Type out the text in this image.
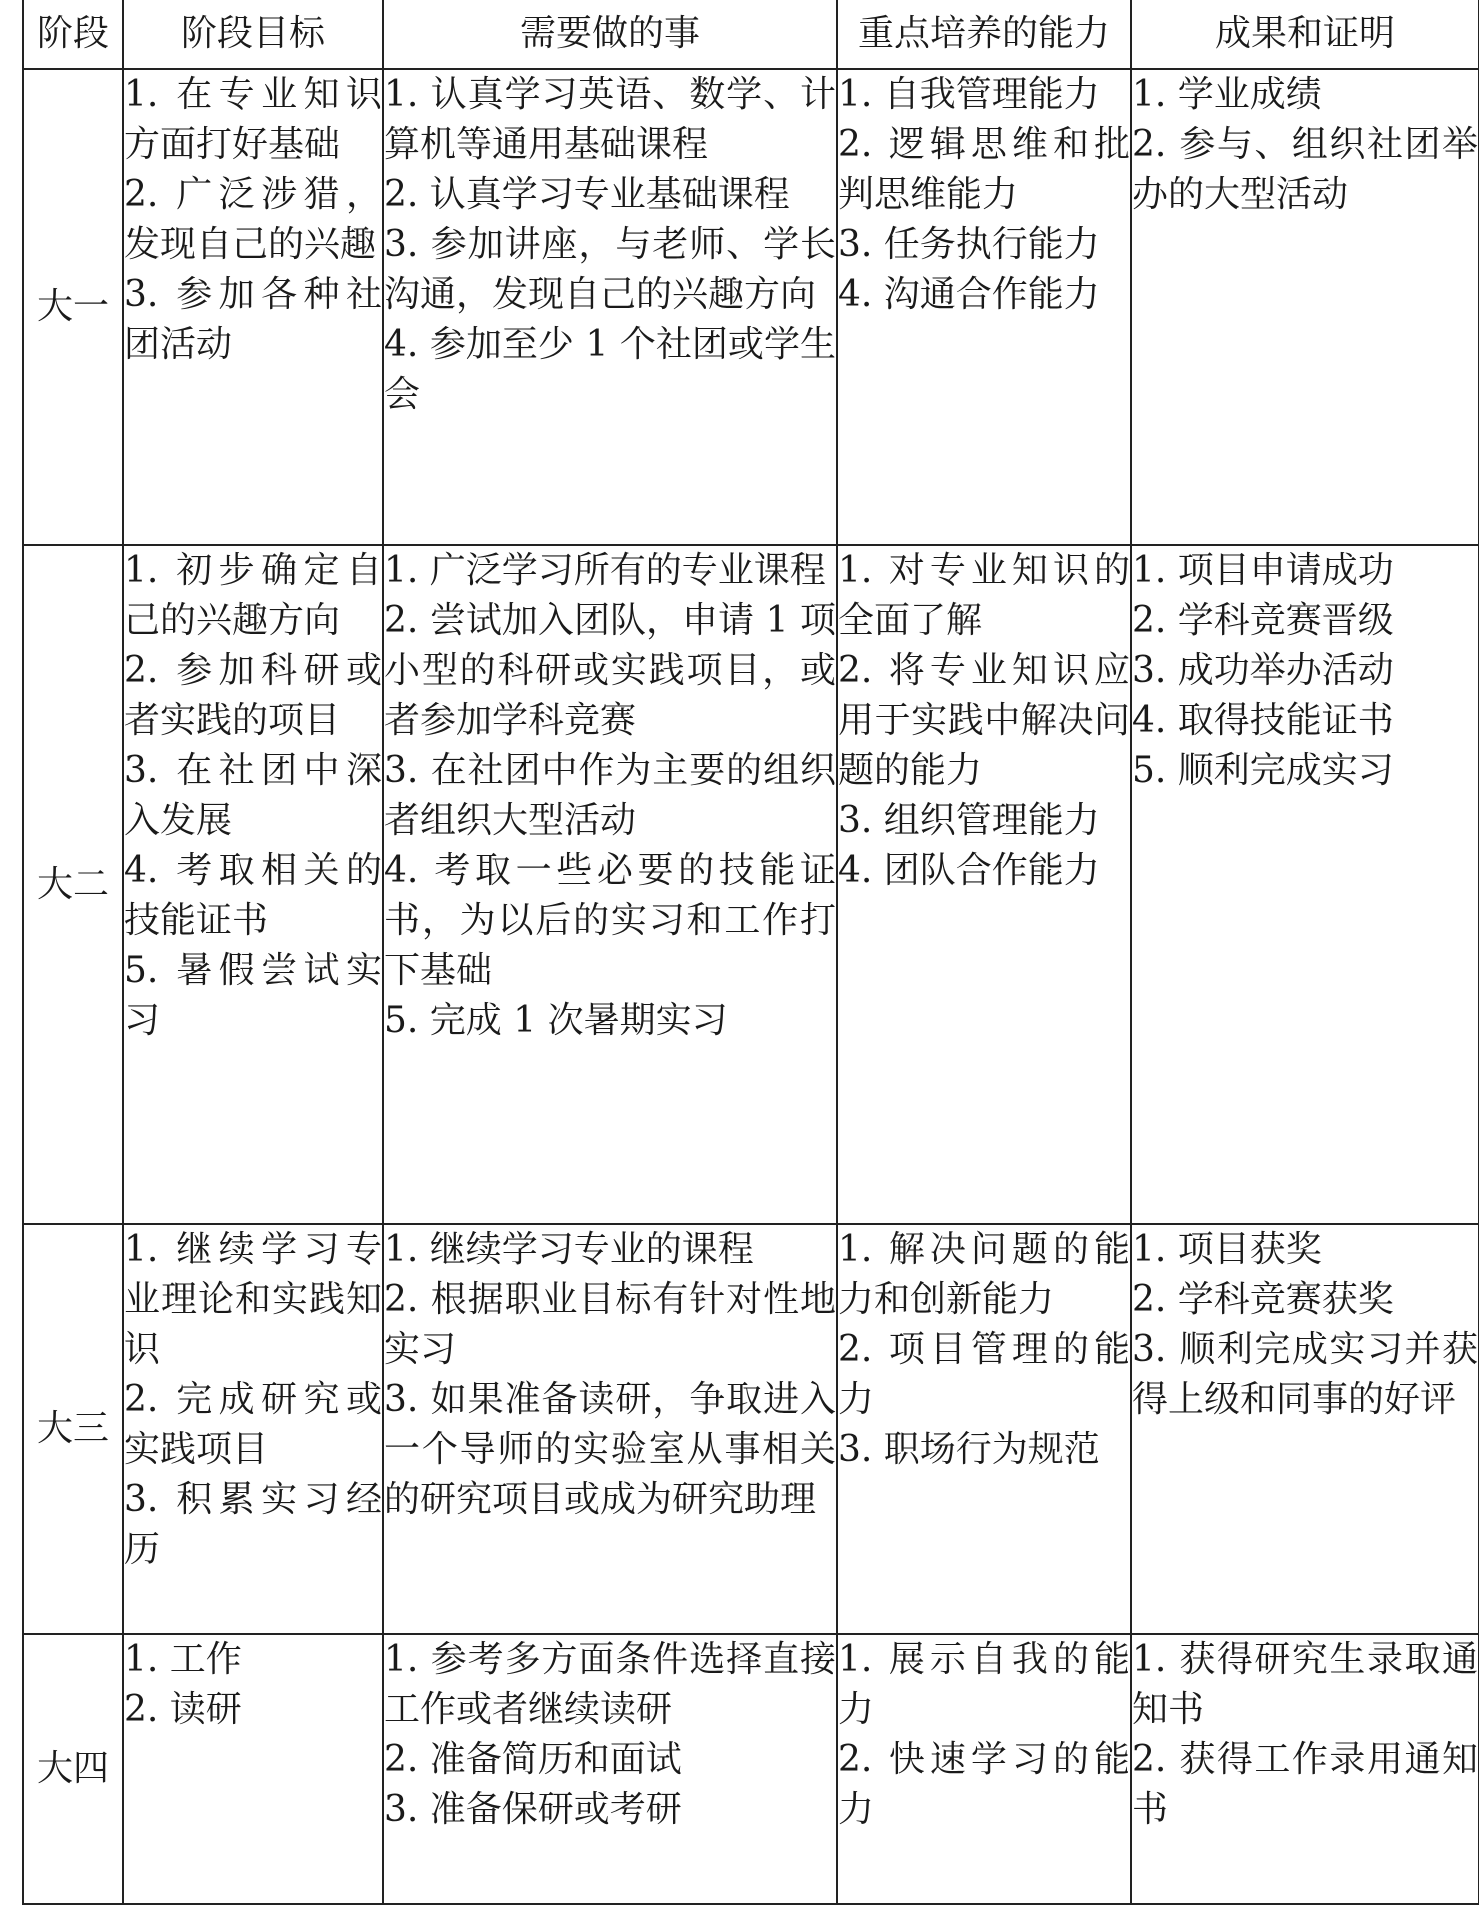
阶段	阶段目标	需要做的事	重点培养的能力	成果和证明
大一	1. 在专业知识方面打好基础
2. 广泛涉猎，发现自己的兴趣
3. 参加各种社团活动	1. 认真学习英语、数学、计算机等通用基础课程
2. 认真学习专业基础课程
3. 参加讲座，与老师、学长沟通，发现自己的兴趣方向
4. 参加至少 1 个社团或学生会	1. 自我管理能力
2. 逻辑思维和批判思维能力
3. 任务执行能力
4. 沟通合作能力	1. 学业成绩
2. 参与、组织社团举办的大型活动

大二	1. 初步确定自己的兴趣方向
2. 参加科研或者实践的项目
3. 在社团中深入发展
4. 考取相关的技能证书
5. 暑假尝试实习	1. 广泛学习所有的专业课程
2. 尝试加入团队，申请 1 项小型的科研或实践项目，或者参加学科竞赛
3. 在社团中作为主要的组织者组织大型活动
4. 考取一些必要的技能证书，为以后的实习和工作打下基础
5. 完成 1 次暑期实习	1. 对专业知识的全面了解
2. 将专业知识应用于实践中解决问题的能力
3. 组织管理能力
4. 团队合作能力	1. 项目申请成功
2. 学科竞赛晋级
3. 成功举办活动
4. 取得技能证书
5. 顺利完成实习

大三	1. 继续学习专业理论和实践知识
2. 完成研究或实践项目
3. 积累实习经历	1. 继续学习专业的课程
2. 根据职业目标有针对性地实习
3. 如果准备读研，争取进入一个导师的实验室从事相关的研究项目或成为研究助理	1. 解决问题的能力和创新能力
2. 项目管理的能力
3. 职场行为规范	1. 项目获奖
2. 学科竞赛获奖
3. 顺利完成实习并获得上级和同事的好评

大四	1. 工作
2. 读研	1. 参考多方面条件选择直接工作或者继续读研
2. 准备简历和面试
3. 准备保研或考研	1. 展示自我的能力
2. 快速学习的能力	1. 获得研究生录取通知书
2. 获得工作录用通知书
